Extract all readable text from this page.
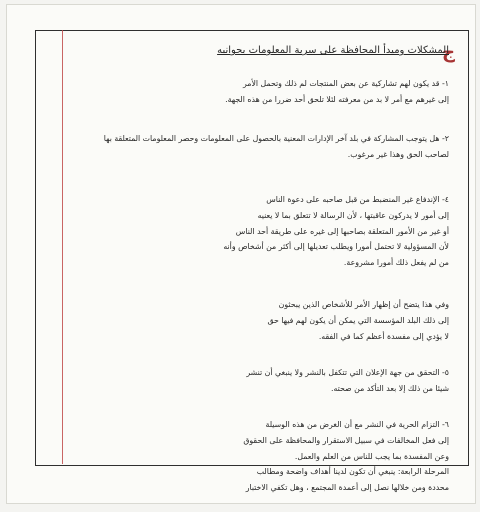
ج
المشكلات وميدأ المحافظة على سرية المعلومات بجوانبه
١- قد يكون لهم تشاركية عن بعض المنتجات لم ذلك وتحمل الأمر
إلى غيرهم مع أمر لا بد من معرفته لئلا تلحق أحد ضررا من هذه الجهة.
٢- هل يتوجب المشاركة في بلد آخر الإدارات المعنية بالحصول على المعلومات وحصر المعلومات المتعلقة بها
لصاحب الحق وهذا غير مرغوب.
٤- الإندفاع غير المنضبط من قبل صاحبه على دعوة الناس
إلى أمور لا يدركون عاقبتها ، لأن الرسالة لا تتعلق بما لا يعنيه
أو غير من الأمور المتعلقة بصاحبها إلى غيره على طريقة أحد الناس
لأن المسؤولية لا تحتمل أمورا ويطلب تعديلها إلى أكثر من أشخاص وأنه
من لم يفعل ذلك أمورا مشروعة.
وفي هذا يتضح أن إظهار الأمر للأشخاص الذين يبحثون
إلى ذلك البلد المؤسسة التي يمكن أن يكون لهم فيها حق
لا يؤدي إلى مفسدة أعظم كما في الفقه.
٥- التحقق من جهة الإعلان التي تتكفل بالنشر ولا ينبغي أن تنشر
شيئا من ذلك إلا بعد التأكد من صحته.
٦- التزام الحرية في النشر مع أن الغرض من هذه الوسيلة
إلى فعل المخالفات في سبيل الاستقرار والمحافظة على الحقوق
وعن المفسدة بما يجب للناس من العلم والعمل.
المرحلة الرابعة: ينبغي أن تكون لدينا أهداف واضحة ومطالب
محددة ومن خلالها نصل إلى أعمدة المجتمع ، وهل تكفي الاختبار
